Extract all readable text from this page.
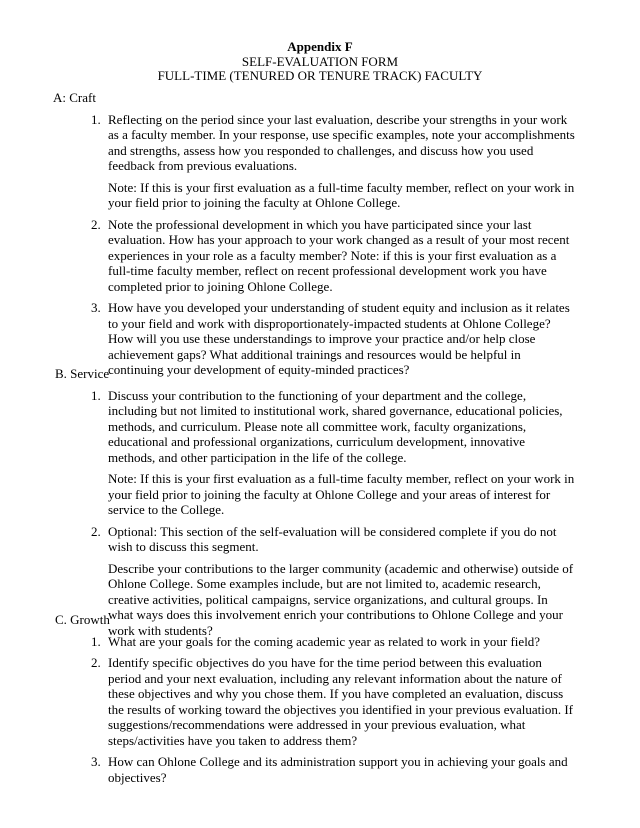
Appendix F
SELF-EVALUATION FORM
FULL-TIME (TENURED OR TENURE TRACK) FACULTY

A: Craft

1. Reflecting on the period since your last evaluation, describe your strengths in your work as a faculty member. In your response, use specific examples, note your accomplishments and strengths, assess how you responded to challenges, and discuss how you used feedback from previous evaluations.

Note: If this is your first evaluation as a full-time faculty member, reflect on your work in your field prior to joining the faculty at Ohlone College.

2. Note the professional development in which you have participated since your last evaluation. How has your approach to your work changed as a result of your most recent experiences in your role as a faculty member? Note: if this is your first evaluation as a full-time faculty member, reflect on recent professional development work you have completed prior to joining Ohlone College.

3. How have you developed your understanding of student equity and inclusion as it relates to your field and work with disproportionately-impacted students at Ohlone College? How will you use these understandings to improve your practice and/or help close achievement gaps? What additional trainings and resources would be helpful in continuing your development of equity-minded practices?

B. Service

1. Discuss your contribution to the functioning of your department and the college, including but not limited to institutional work, shared governance, educational policies, methods, and curriculum. Please note all committee work, faculty organizations, educational and professional organizations, curriculum development, innovative methods, and other participation in the life of the college.

Note: If this is your first evaluation as a full-time faculty member, reflect on your work in your field prior to joining the faculty at Ohlone College and your areas of interest for service to the College.

2. Optional: This section of the self-evaluation will be considered complete if you do not wish to discuss this segment.

Describe your contributions to the larger community (academic and otherwise) outside of Ohlone College. Some examples include, but are not limited to, academic research, creative activities, political campaigns, service organizations, and cultural groups. In what ways does this involvement enrich your contributions to Ohlone College and your work with students?

C. Growth

1. What are your goals for the coming academic year as related to work in your field?

2. Identify specific objectives do you have for the time period between this evaluation period and your next evaluation, including any relevant information about the nature of these objectives and why you chose them. If you have completed an evaluation, discuss the results of working toward the objectives you identified in your previous evaluation. If suggestions/recommendations were addressed in your previous evaluation, what steps/activities have you taken to address them?

3. How can Ohlone College and its administration support you in achieving your goals and objectives?
